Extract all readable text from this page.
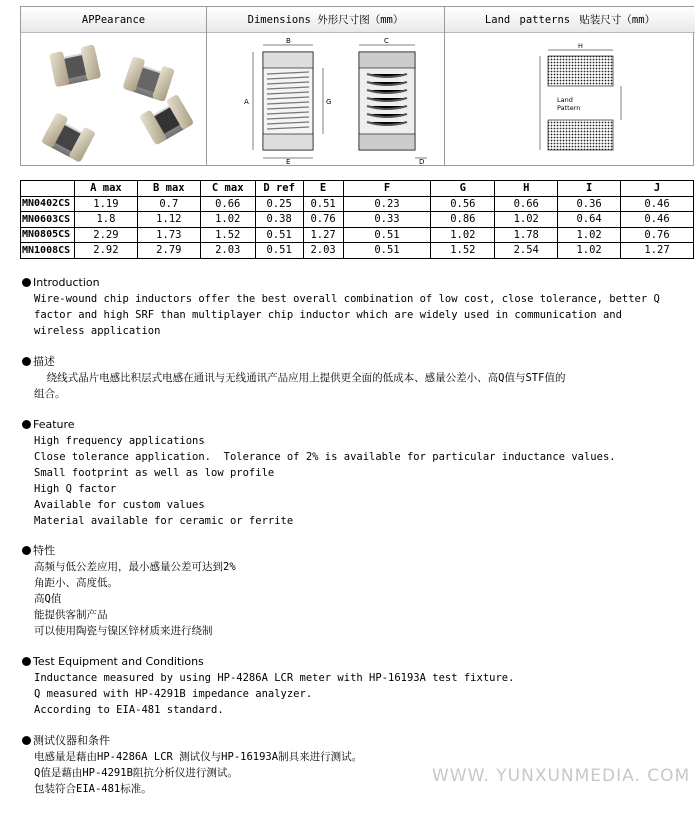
APPearance	Dimensions 外形尺寸图（mm）
B
A
E
G
C
D
Land patterns 贴装尺寸（mm）
H
Land
Pattern
	A max	B max	C max	D ref	E	F	G	H	I	J
MN0402CS	1.19	0.7	0.66	0.25	0.51	0.23	0.56	0.66	0.36	0.46
MN0603CS	1.8	1.12	1.02	0.38	0.76	0.33	0.86	1.02	0.64	0.46
MN0805CS	2.29	1.73	1.52	0.51	1.27	0.51	1.02	1.78	1.02	0.76
MN1008CS	2.92	2.79	2.03	0.51	2.03	0.51	1.52	2.54	1.02	1.27
Introduction
Wire-wound chip inductors offer the best overall combination of low cost, close tolerance, better Q
factor and high SRF than multiplayer chip inductor which are widely used in communication and
wireless application
描述
绕线式晶片电感比积层式电感在通讯与无线通讯产品应用上提供更全面的低成本、感量公差小、高Q值与STF值的
组合。
Feature
High frequency applications
Close tolerance application.  Tolerance of 2% is available for particular inductance values.
Small footprint as well as low profile
High Q factor
Available for custom values
Material available for ceramic or ferrite
特性
高频与低公差应用，最小感量公差可达到2%
角距小、高度低。
高Q值
能提供客制产品
可以使用陶瓷与镍区锌材质来进行绕制
Test Equipment and Conditions
Inductance measured by using HP-4286A LCR meter with HP-16193A test fixture.
Q measured with HP-4291B impedance analyzer.
According to EIA-481 standard.
测试仪器和条件
电感量是藉由HP-4286A LCR 测试仪与HP-16193A制具来进行测试。
Q值是藉由HP-4291B阻抗分析仪进行测试。
包装符合EIA-481标准。
WWW. YUNXUNMEDIA. COM
